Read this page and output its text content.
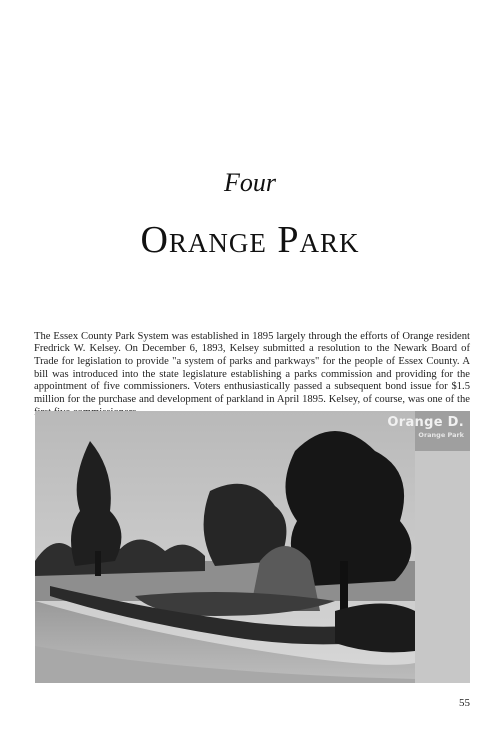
Four
Orange Park

The Essex County Park System was established in 1895 largely through the efforts of Orange resident Fredrick W. Kelsey. On December 6, 1893, Kelsey submitted a resolution to the Newark Board of Trade for legislation to provide "a system of parks and parkways" for the people of Essex County. A bill was introduced into the state legislature establishing a parks commission and providing for the appointment of five commissioners. Voters enthusiastically passed a subsequent bond issue for $1.5 million for the purchase and development of parkland in April 1895. Kelsey, of course, was one of the

Orange D.
Orange Park
55
